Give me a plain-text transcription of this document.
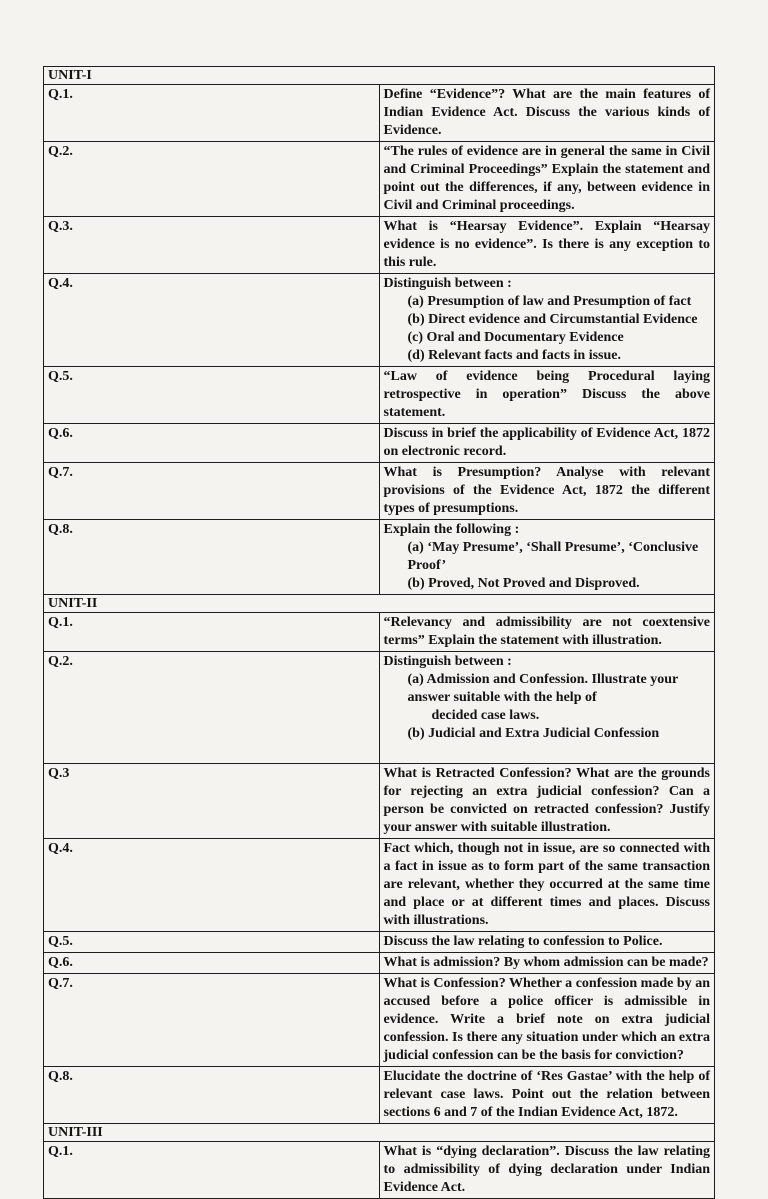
UNIT-I	
Q.1.	Define “Evidence”? What are the main features of Indian Evidence Act. Discuss the various kinds of Evidence.
Q.2.	“The rules of evidence are in general the same in Civil and Criminal Proceedings” Explain the statement and point out the differences, if any, between evidence in Civil and Criminal proceedings.
Q.3.	What is “Hearsay Evidence”. Explain “Hearsay evidence is no evidence”. Is there is any exception to this rule.
Q.4.	Distinguish between :
(a) Presumption of law and Presumption of fact
(b) Direct evidence and Circumstantial Evidence
(c) Oral and Documentary Evidence
(d) Relevant facts and facts in issue.

Q.5.	“Law of evidence being Procedural laying retrospective in operation” Discuss the above statement.
Q.6.	Discuss in brief the applicability of Evidence Act, 1872 on electronic record.
Q.7.	What is Presumption? Analyse with relevant provisions of the Evidence Act, 1872 the different types of presumptions.
Q.8.	Explain the following :
(a) ‘May Presume’, ‘Shall Presume’, ‘Conclusive Proof’
(b) Proved, Not Proved and Disproved.

UNIT-II	
Q.1.	“Relevancy and admissibility are not coextensive terms” Explain the statement with illustration.
Q.2.	Distinguish between :
(a) Admission and Confession. Illustrate your answer suitable with the help of
decided case laws.
(b) Judicial and Extra Judicial Confession

Q.3	What is Retracted Confession? What are the grounds for rejecting an extra judicial confession? Can a person be convicted on retracted confession? Justify your answer with suitable illustration.
Q.4.	Fact which, though not in issue, are so connected with a fact in issue as to form part of the same transaction are relevant, whether they occurred at the same time and place or at different times and places. Discuss with illustrations.
Q.5.	Discuss the law relating to confession to Police.
Q.6.	What is admission? By whom admission can be made?
Q.7.	What is Confession? Whether a confession made by an accused before a police officer is admissible in evidence. Write a brief note on extra judicial confession. Is there any situation under which an extra judicial confession can be the basis for conviction?
Q.8.	Elucidate the doctrine of ‘Res Gastae’ with the help of relevant case laws. Point out the relation between sections 6 and 7 of the Indian Evidence Act, 1872.
UNIT-III	
Q.1.	What is “dying declaration”. Discuss the law relating to admissibility of dying declaration under Indian Evidence Act.
